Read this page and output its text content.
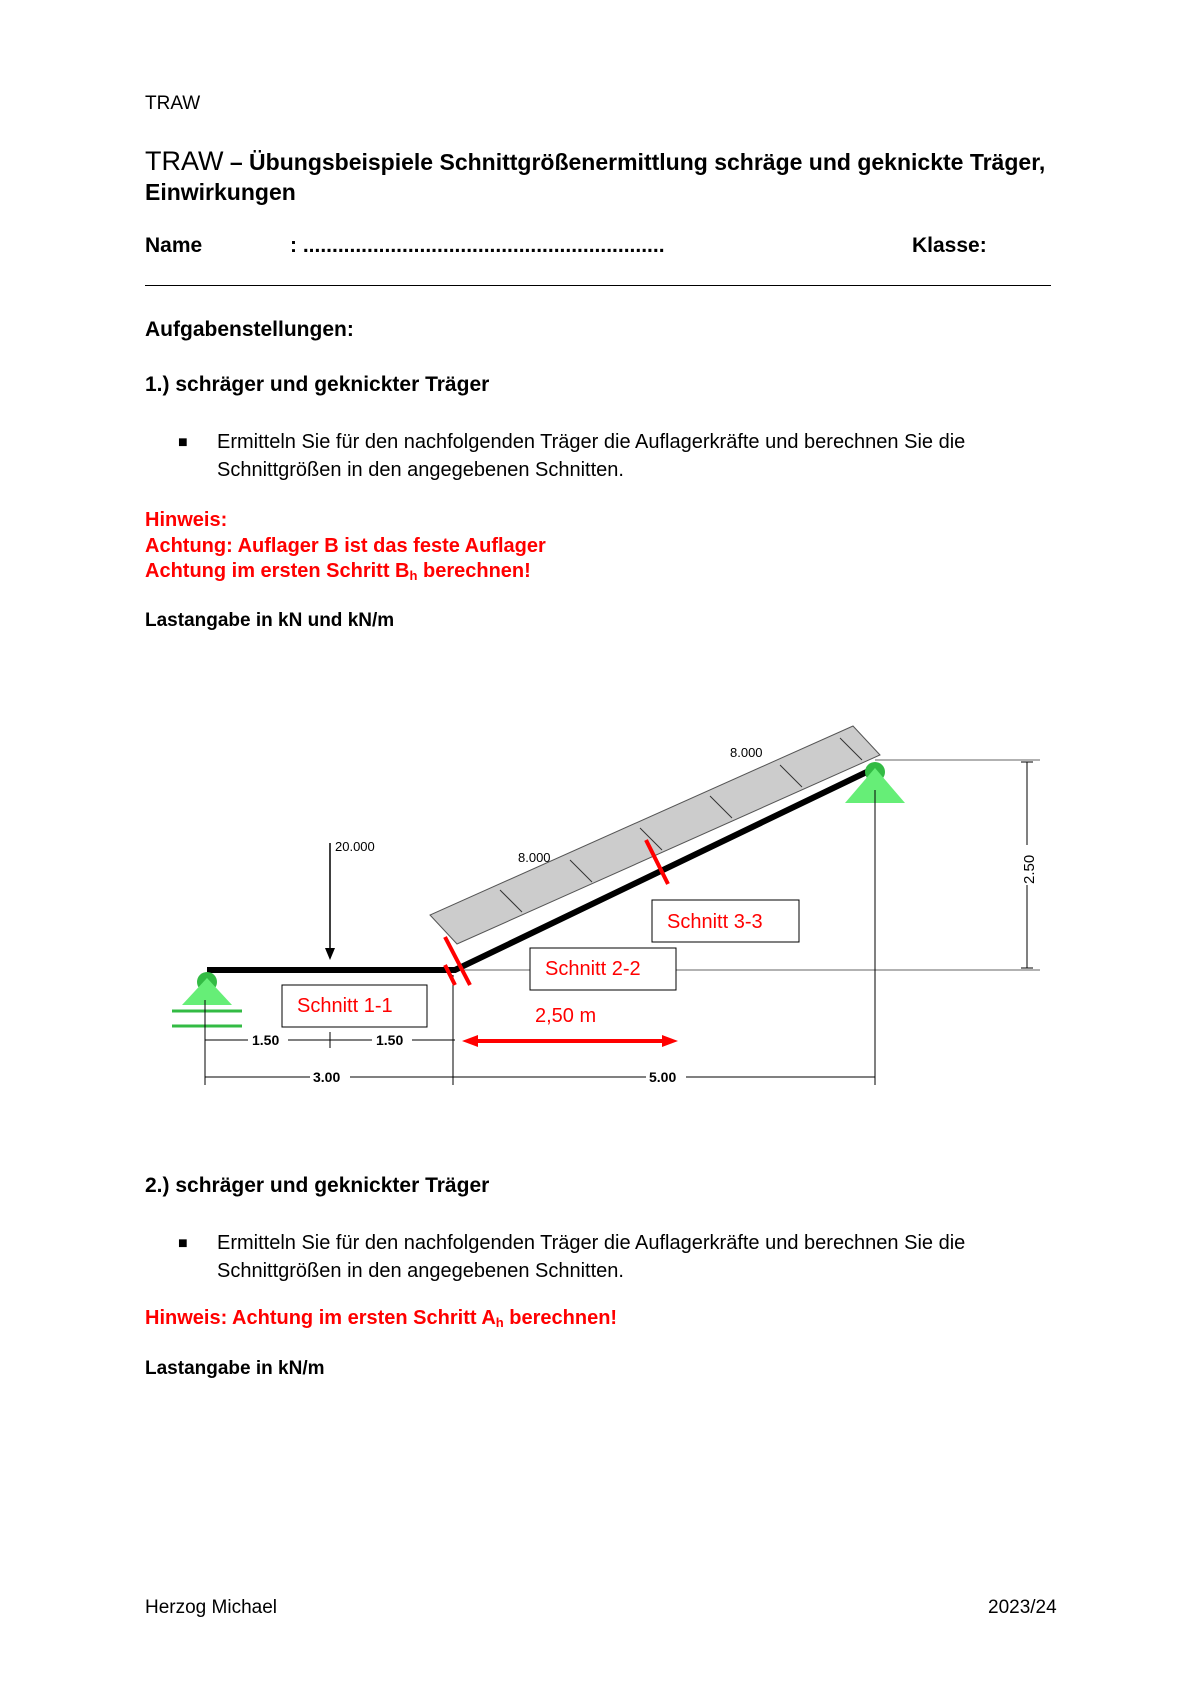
TRAW
TRAW – Übungsbeispiele Schnittgrößenermittlung schräge und geknickte Träger, Einwirkungen
Name	: ..............................................................	Klasse:
Aufgabenstellungen:
1.) schräger und geknickter Träger
■ Ermitteln Sie für den nachfolgenden Träger die Auflagerkräfte und berechnen Sie die Schnittgrößen in den angegebenen Schnitten.
Hinweis:
Achtung: Auflager B ist das feste Auflager
Achtung im ersten Schritt $B_h$ berechnen!
Lastangabe in kN und kN/m
8.000
8.000
20.000
2.50
1.50	1.50
3.00	5.00
2,50 m
Schnitt 1-1
Schnitt 2-2
Schnitt 3-3
2.) schräger und geknickter Träger
■ Ermitteln Sie für den nachfolgenden Träger die Auflagerkräfte und berechnen Sie die Schnittgrößen in den angegebenen Schnitten.
Hinweis: Achtung im ersten Schritt $A_h$ berechnen!
Lastangabe in kN/m
Herzog Michael	2023/24
